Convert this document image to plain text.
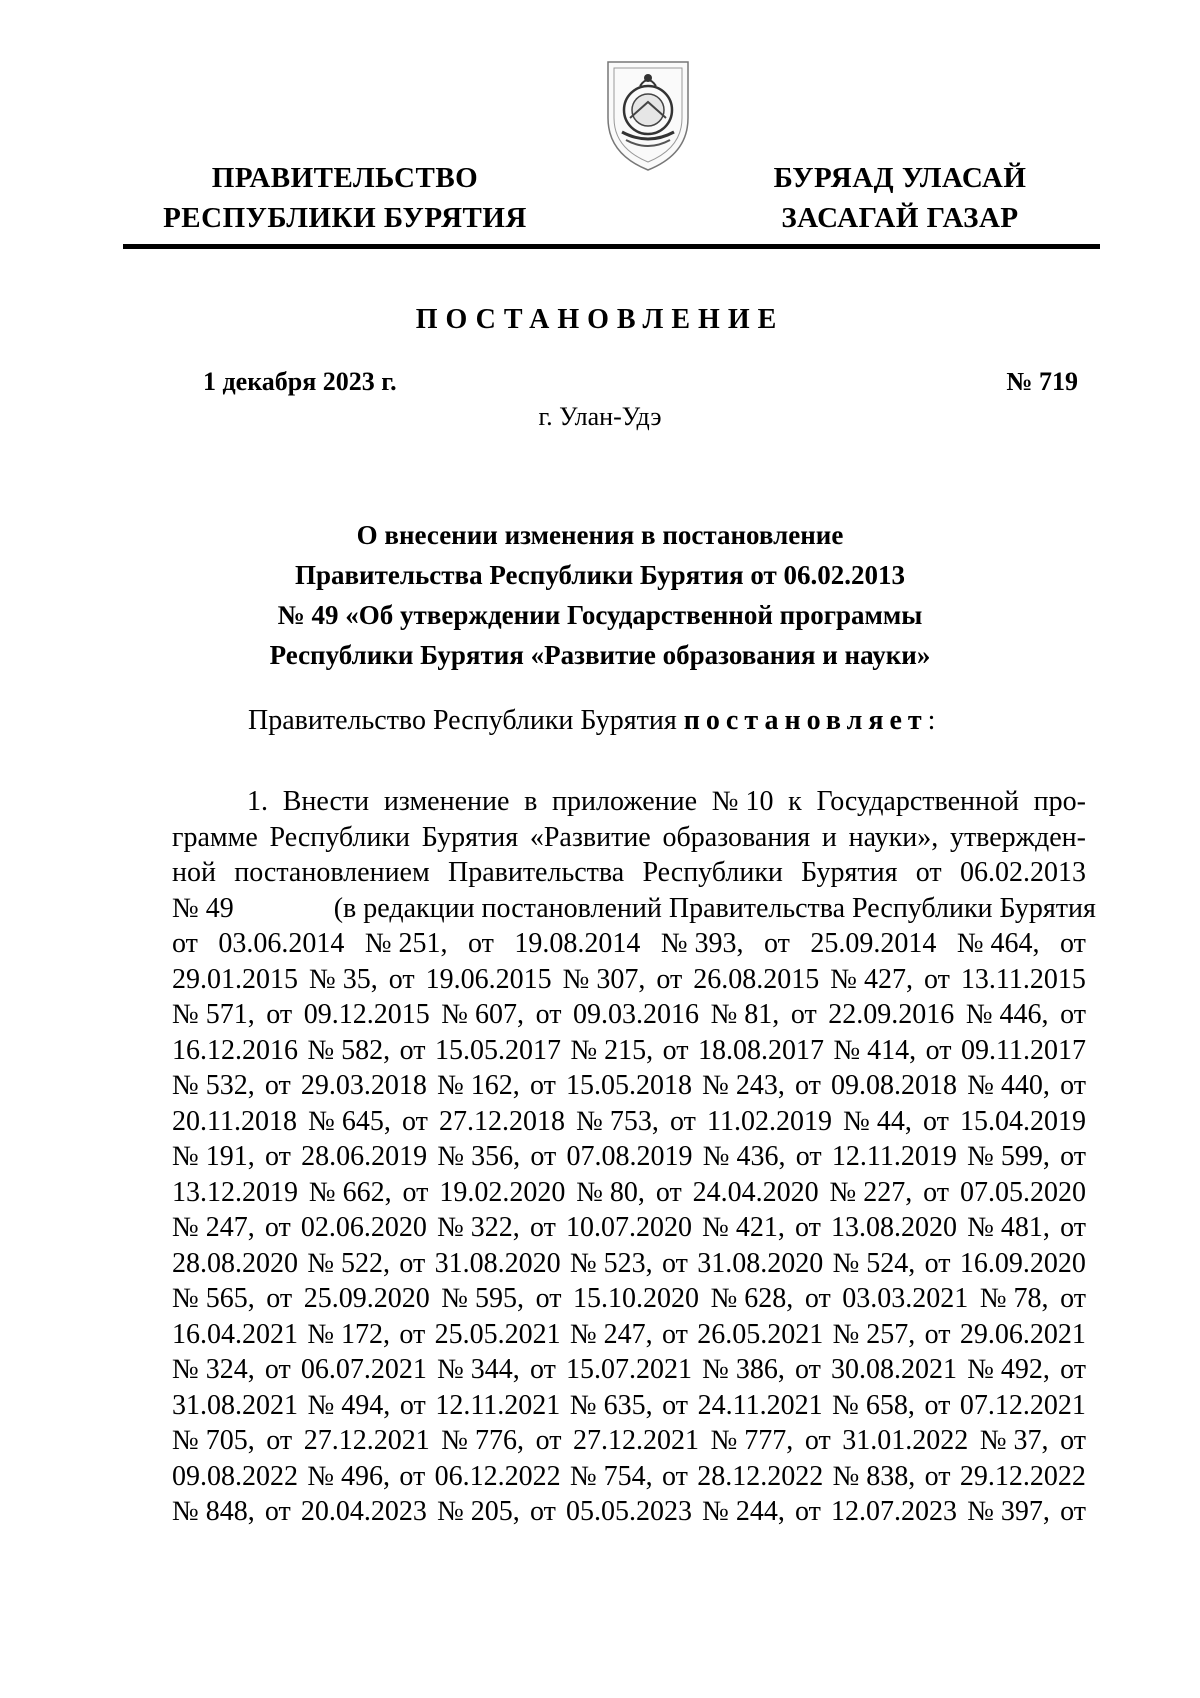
ПРАВИТЕЛЬСТВО
РЕСПУБЛИКИ БУРЯТИЯ
БУРЯАД УЛАСАЙ
ЗАСАГАЙ ГАЗАР
ПОСТАНОВЛЕНИЕ
1 декабря 2023 г.	№ 719
г. Улан-Удэ
О внесении изменения в постановление
Правительства Республики Бурятия от 06.02.2013
№ 49 «Об утверждении Государственной программы
Республики Бурятия «Развитие образования и науки»
Правительство Республики Бурятия постановляет:
1. Внести изменение в приложение № 10 к Государственной про-
грамме Республики Бурятия «Развитие образования и науки», утвержден-
ной постановлением Правительства Республики Бурятия от 06.02.2013
№ 49	(в редакции постановлений Правительства Республики Бурятия
от 03.06.2014 № 251, от 19.08.2014 № 393, от 25.09.2014 № 464, от
29.01.2015 № 35, от 19.06.2015 № 307, от 26.08.2015 № 427, от 13.11.2015
№ 571, от 09.12.2015 № 607, от 09.03.2016 № 81, от 22.09.2016 № 446, от
16.12.2016 № 582, от 15.05.2017 № 215, от 18.08.2017 № 414, от 09.11.2017
№ 532, от 29.03.2018 № 162, от 15.05.2018 № 243, от 09.08.2018 № 440, от
20.11.2018 № 645, от 27.12.2018 № 753, от 11.02.2019 № 44, от 15.04.2019
№ 191, от 28.06.2019 № 356, от 07.08.2019 № 436, от 12.11.2019 № 599, от
13.12.2019 № 662, от 19.02.2020 № 80, от 24.04.2020 № 227, от 07.05.2020
№ 247, от 02.06.2020 № 322, от 10.07.2020 № 421, от 13.08.2020 № 481, от
28.08.2020 № 522, от 31.08.2020 № 523, от 31.08.2020 № 524, от 16.09.2020
№ 565, от 25.09.2020 № 595, от 15.10.2020 № 628, от 03.03.2021 № 78, от
16.04.2021 № 172, от 25.05.2021 № 247, от 26.05.2021 № 257, от 29.06.2021
№ 324, от 06.07.2021 № 344, от 15.07.2021 № 386, от 30.08.2021 № 492, от
31.08.2021 № 494, от 12.11.2021 № 635, от 24.11.2021 № 658, от 07.12.2021
№ 705, от 27.12.2021 № 776, от 27.12.2021 № 777, от 31.01.2022 № 37, от
09.08.2022 № 496, от 06.12.2022 № 754, от 28.12.2022 № 838, от 29.12.2022
№ 848, от 20.04.2023 № 205, от 05.05.2023 № 244, от 12.07.2023 № 397, от
